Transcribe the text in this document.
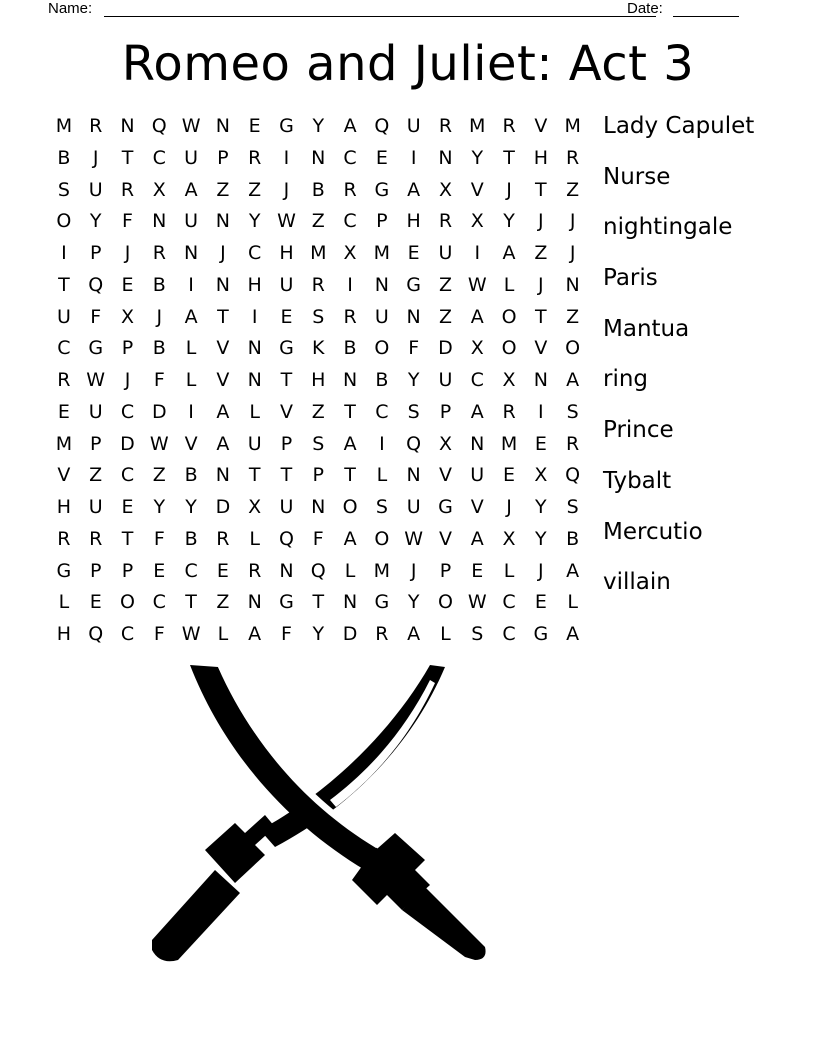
Name:	Date:
Romeo and Juliet: Act 3
M R N Q W N E G Y	A Q U R M R V M
B	J	T	C U	P	R	I	N C	E	I	N Y	T H R
S U R X A Z Z	J	B R G A X V	J	T	Z
O Y	F	N U N Y W Z C	P H R X	Y	J	J
I	P	J	R N	J	C H M X M E U	I	A Z	J
T Q E	B	I	N H U R	I	N G Z W L	J	N
U	F	X	J	A	T	I	E	S	R U N Z A O T	Z
C G P	B	L	V N G K	B O F	D X O V O
R W	J	F	L	V N T H N B	Y	U C X N A
E U C D	I	A	L	V Z	T	C	S	P	A R	I	S
M P D W V A U	P	S	A	I	Q X N M E	R
V Z C Z B N T	T	P	T	L	N V U E	X Q
H U E	Y	Y D X U N O S U G V	J	Y	S
R R	T	F	B R	L	Q F	A O W V A X	Y	B
G P	P	E	C	E	R N Q	L M	J	P	E	L	J	A
L	E O C	T	Z N G T N G Y O W C	E	L
H Q C	F W L	A	F	Y D R A	L	S	C G A
Lady Capulet
Nurse
nightingale
Paris
Mantua
ring
Prince
Tybalt
Mercutio
villain
